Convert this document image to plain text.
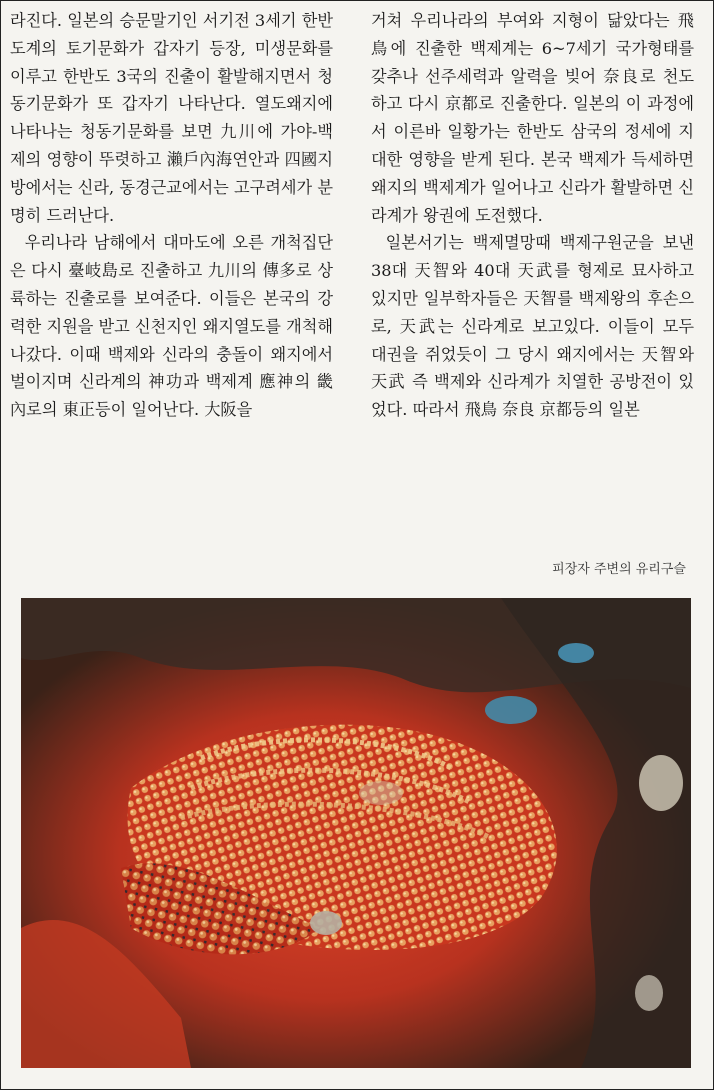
라진다. 일본의 승문말기인 서기전 3세기 한반도계의 토기문화가 갑자기 등장, 미생문화를 이루고 한반도 3국의 진출이 활발해지면서 청동기문화가 또 갑자기 나타난다. 열도왜지에 나타나는 청동기문화를 보면 九川에 가야-백제의 영향이 뚜렷하고 瀨戶內海연안과 四國지방에서는 신라, 동경근교에서는 고구려세가 분명히 드러난다.

우리나라 남해에서 대마도에 오른 개척집단은 다시 臺岐島로 진출하고 九川의 傳多로 상륙하는 진출로를 보여준다. 이들은 본국의 강력한 지원을 받고 신천지인 왜지열도를 개척해 나갔다. 이때 백제와 신라의 충돌이 왜지에서 벌이지며 신라계의 神功과 백제계 應神의 畿內로의 東正등이 일어난다. 大阪을

거쳐 우리나라의 부여와 지형이 닮았다는 飛鳥에 진출한 백제계는 6~7세기 국가형태를 갖추나 선주세력과 알력을 빚어 奈良로 천도하고 다시 京都로 진출한다. 일본의 이 과정에서 이른바 일황가는 한반도 삼국의 정세에 지대한 영향을 받게 된다. 본국 백제가 득세하면 왜지의 백제계가 일어나고 신라가 활발하면 신라계가 왕권에 도전했다.

일본서기는 백제멸망때 백제구원군을 보낸 38대 天智와 40대 天武를 형제로 묘사하고 있지만 일부학자들은 天智를 백제왕의 후손으로, 天武는 신라계로 보고있다. 이들이 모두 대권을 쥐었듯이 그 당시 왜지에서는 天智와 天武 즉 백제와 신라계가 치열한 공방전이 있었다. 따라서 飛鳥 奈良 京都등의 일본

피장자 주변의 유리구슬
